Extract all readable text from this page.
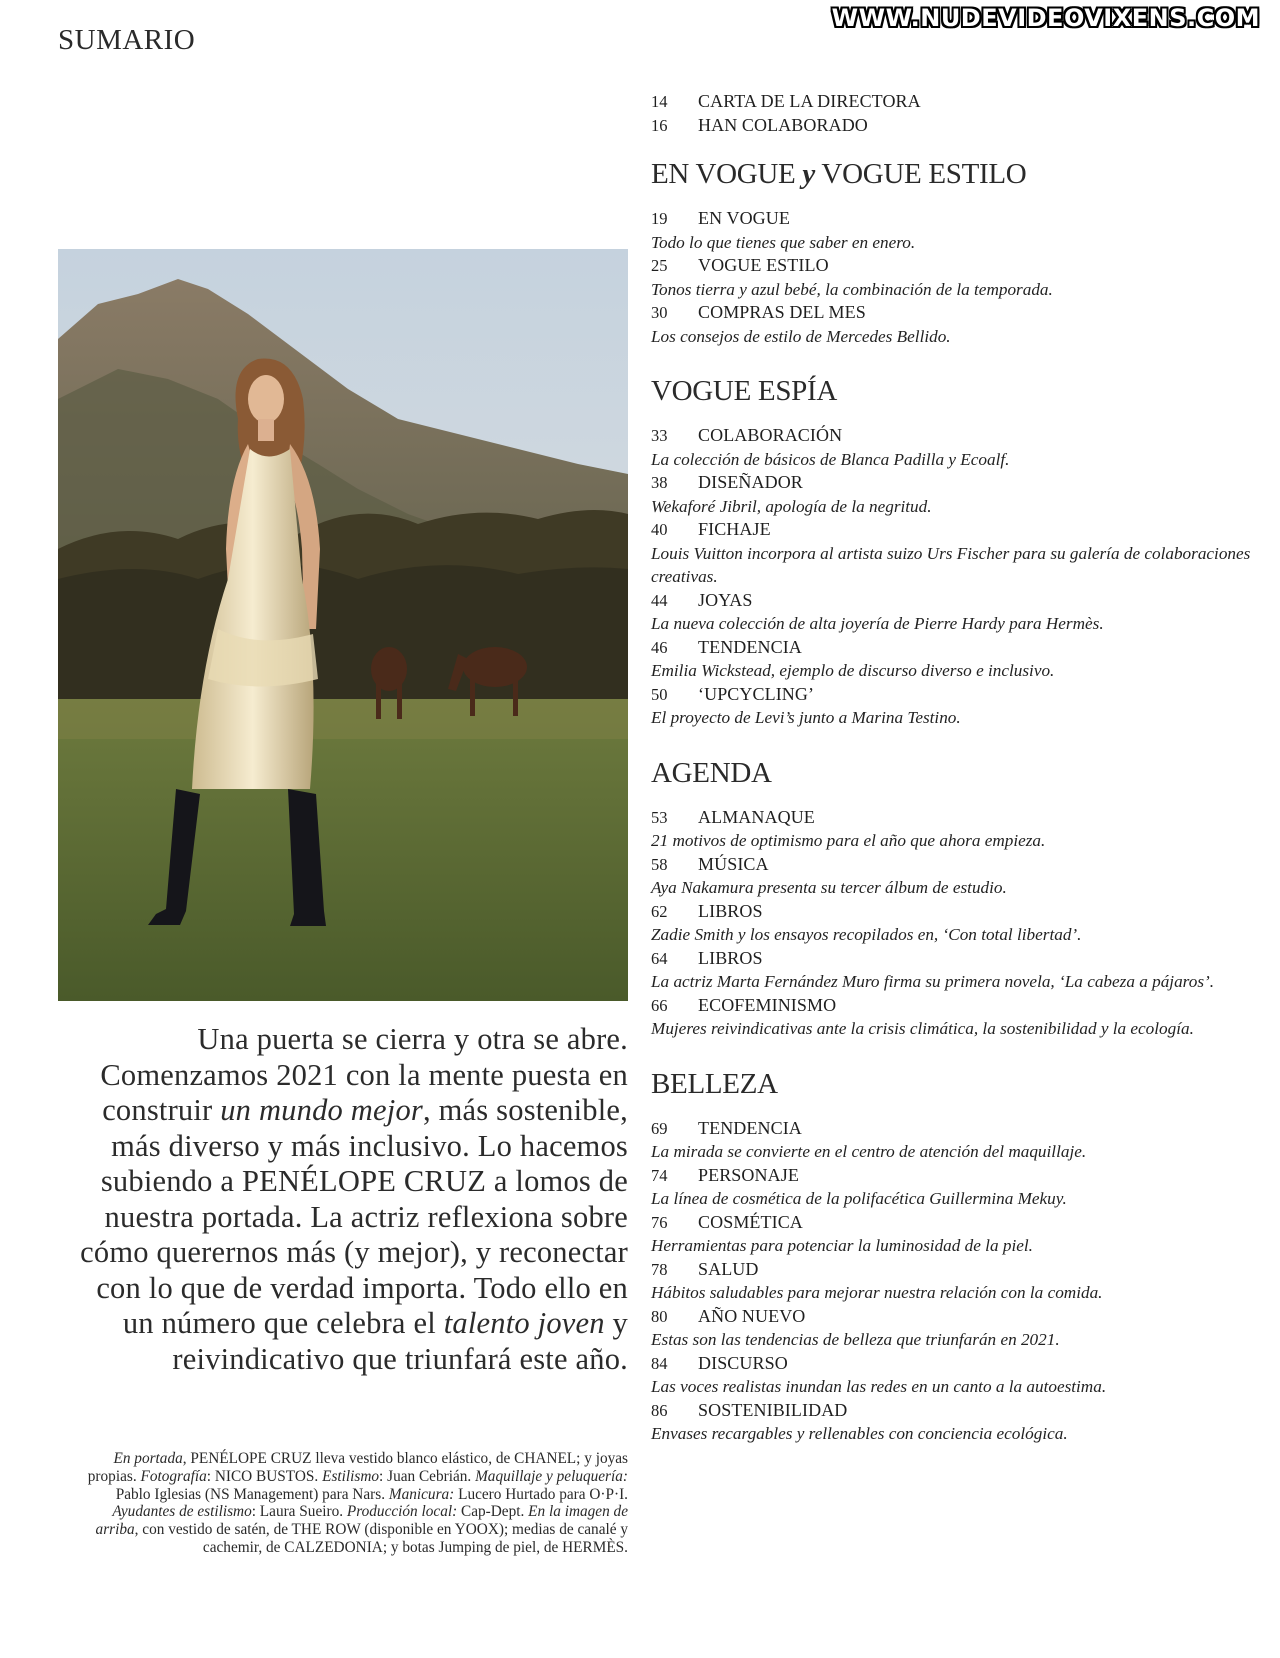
SUMARIO
WWW.NUDEVIDEOVIXENS.COM

Una puerta se cierra y otra se abre. Comenzamos 2021 con la mente puesta en construir un mundo mejor, más sostenible, más diverso y más inclusivo. Lo hacemos subiendo a PENÉLOPE CRUZ a lomos de nuestra portada. La actriz reflexiona sobre cómo querernos más (y mejor), y reconectar con lo que de verdad importa. Todo ello en un número que celebra el talento joven y reivindicativo que triunfará este año.

En portada, PENÉLOPE CRUZ lleva vestido blanco elástico, de CHANEL; y joyas propias. Fotografía: NICO BUSTOS. Estilismo: Juan Cebrián. Maquillaje y peluquería: Pablo Iglesias (NS Management) para Nars. Manicura: Lucero Hurtado para O·P·I. Ayudantes de estilismo: Laura Sueiro. Producción local: Cap-Dept. En la imagen de arriba, con vestido de satén, de THE ROW (disponible en YOOX); medias de canalé y cachemir, de CALZEDONIA; y botas Jumping de piel, de HERMÈS.

14	CARTA DE LA DIRECTORA
16	HAN COLABORADO
EN VOGUE y VOGUE ESTILO
19	EN VOGUE
Todo lo que tienes que saber en enero.
25	VOGUE ESTILO
Tonos tierra y azul bebé, la combinación de la temporada.
30	COMPRAS DEL MES
Los consejos de estilo de Mercedes Bellido.
VOGUE ESPÍA
33	COLABORACIÓN
La colección de básicos de Blanca Padilla y Ecoalf.
38	DISEÑADOR
Wekaforé Jibril, apología de la negritud.
40	FICHAJE
Louis Vuitton incorpora al artista suizo Urs Fischer para su galería de colaboraciones creativas.
44	JOYAS
La nueva colección de alta joyería de Pierre Hardy para Hermès.
46	TENDENCIA
Emilia Wickstead, ejemplo de discurso diverso e inclusivo.
50	‘UPCYCLING’
El proyecto de Levi’s junto a Marina Testino.
AGENDA
53	ALMANAQUE
21 motivos de optimismo para el año que ahora empieza.
58	MÚSICA
Aya Nakamura presenta su tercer álbum de estudio.
62	LIBROS
Zadie Smith y los ensayos recopilados en, ‘Con total libertad’.
64	LIBROS
La actriz Marta Fernández Muro firma su primera novela, ‘La cabeza a pájaros’.
66	ECOFEMINISMO
Mujeres reivindicativas ante la crisis climática, la sostenibilidad y la ecología.
BELLEZA
69	TENDENCIA
La mirada se convierte en el centro de atención del maquillaje.
74	PERSONAJE
La línea de cosmética de la polifacética Guillermina Mekuy.
76	COSMÉTICA
Herramientas para potenciar la luminosidad de la piel.
78	SALUD
Hábitos saludables para mejorar nuestra relación con la comida.
80	AÑO NUEVO
Estas son las tendencias de belleza que triunfarán en 2021.
84	DISCURSO
Las voces realistas inundan las redes en un canto a la autoestima.
86	SOSTENIBILIDAD
Envases recargables y rellenables con conciencia ecológica.
